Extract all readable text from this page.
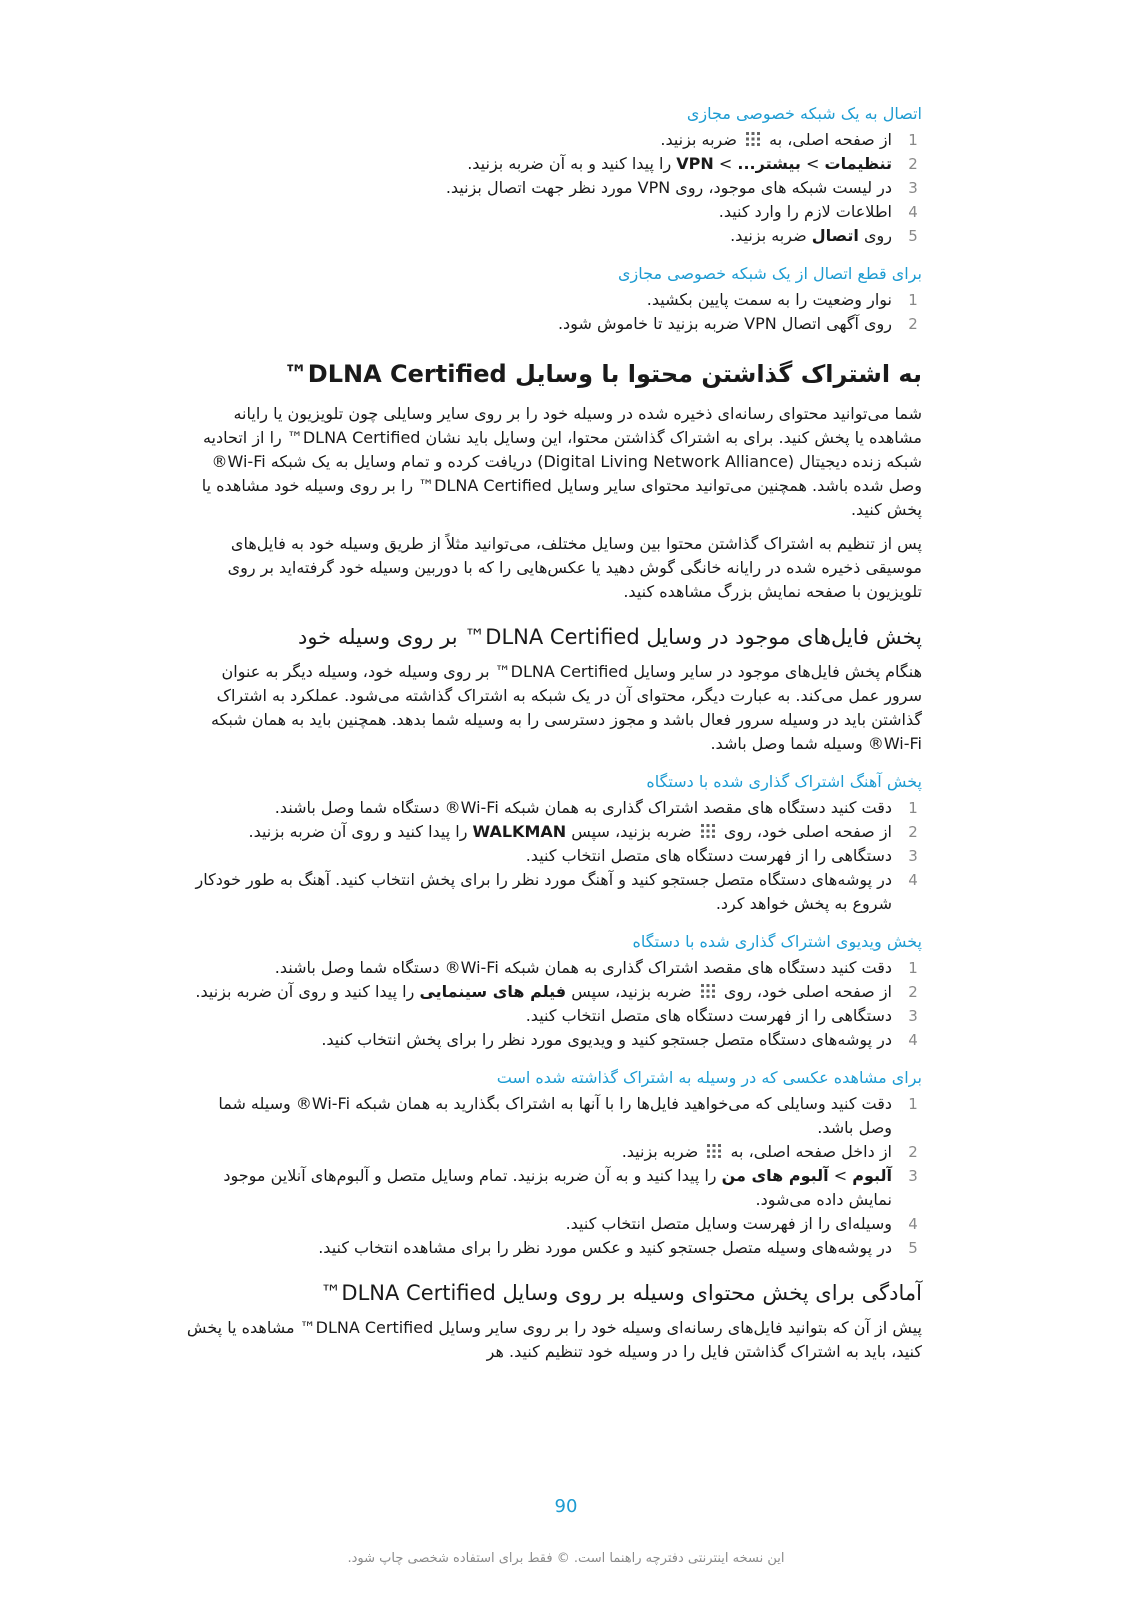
اتصال به یک شبکه خصوصی مجازی
1
از صفحه اصلی، به  ضربه بزنید.
2
تنظیمات > بیشتر... > VPN را پیدا کنید و به آن ضربه بزنید.
3
در لیست شبکه های موجود، روی VPN مورد نظر جهت اتصال بزنید.
4
اطلاعات لازم را وارد کنید.
5
روی اتصال ضربه بزنید.
برای قطع اتصال از یک شبکه خصوصی مجازی
1
نوار وضعیت را به سمت پایین بکشید.
2
روی آگهی اتصال VPN ضربه بزنید تا خاموش شود.
به اشتراک گذاشتن محتوا با وسایل DLNA Certified™

شما می‌توانید محتوای رسانه‌ای ذخیره شده در وسیله خود را بر روی سایر وسایلی چون تلویزیون یا رایانه مشاهده یا پخش کنید. برای به اشتراک گذاشتن محتوا، این وسایل باید نشان DLNA Certified™ را از اتحادیه شبکه زنده دیجیتال (Digital Living Network Alliance) دریافت کرده و تمام وسایل به یک شبکه Wi-Fi® وصل شده باشد. همچنین می‌توانید محتوای سایر وسایل DLNA Certified™ را بر روی وسیله خود مشاهده یا پخش کنید.

پس از تنظیم به اشتراک گذاشتن محتوا بین وسایل مختلف، می‌توانید مثلاً از طریق وسیله خود به فایل‌های موسیقی ذخیره شده در رایانه خانگی گوش دهید یا عکس‌هایی را که با دوربین وسیله خود گرفته‌اید بر روی تلویزیون با صفحه نمایش بزرگ مشاهده کنید.

پخش فایل‌های موجود در وسایل DLNA Certified™ بر روی وسیله خود

هنگام پخش فایل‌های موجود در سایر وسایل DLNA Certified™ بر روی وسیله خود، وسیله دیگر به عنوان سرور عمل می‌کند. به عبارت دیگر، محتوای آن در یک شبکه به اشتراک گذاشته می‌شود. عملکرد به اشتراک گذاشتن باید در وسیله سرور فعال باشد و مجوز دسترسی را به وسیله شما بدهد. همچنین باید به همان شبکه Wi-Fi® وسیله شما وصل باشد.

پخش آهنگ اشتراک گذاری شده با دستگاه
1
دقت کنید دستگاه های مقصد اشتراک گذاری به همان شبکه Wi-Fi® دستگاه شما وصل باشند.
2
از صفحه اصلی خود، روی  ضربه بزنید، سپس WALKMAN را پیدا کنید و روی آن ضربه بزنید.
3
دستگاهی را از فهرست دستگاه های متصل انتخاب کنید.
4
در پوشه‌های دستگاه متصل جستجو کنید و آهنگ مورد نظر را برای پخش انتخاب کنید. آهنگ به طور خودکار شروع به پخش خواهد کرد.
پخش ویدیوی اشتراک گذاری شده با دستگاه
1
دقت کنید دستگاه های مقصد اشتراک گذاری به همان شبکه Wi-Fi® دستگاه شما وصل باشند.
2
از صفحه اصلی خود، روی  ضربه بزنید، سپس فیلم های سینمایی را پیدا کنید و روی آن ضربه بزنید.
3
دستگاهی را از فهرست دستگاه های متصل انتخاب کنید.
4
در پوشه‌های دستگاه متصل جستجو کنید و ویدیوی مورد نظر را برای پخش انتخاب کنید.
برای مشاهده عکسی که در وسیله به اشتراک گذاشته شده است
1
دقت کنید وسایلی که می‌خواهید فایل‌ها را با آنها به اشتراک بگذارید به همان شبکه Wi-Fi® وسیله شما وصل باشد.
2
از داخل صفحه اصلی، به  ضربه بزنید.
3
آلبوم > آلبوم های من را پیدا کنید و به آن ضربه بزنید. تمام وسایل متصل و آلبوم‌های آنلاین موجود نمایش داده می‌شود.
4
وسیله‌ای را از فهرست وسایل متصل انتخاب کنید.
5
در پوشه‌های وسیله متصل جستجو کنید و عکس مورد نظر را برای مشاهده انتخاب کنید.
آمادگی برای پخش محتوای وسیله بر روی وسایل DLNA Certified™

پیش از آن که بتوانید فایل‌های رسانه‌ای وسیله خود را بر روی سایر وسایل DLNA Certified™ مشاهده یا پخش کنید، باید به اشتراک گذاشتن فایل را در وسیله خود تنظیم کنید. هر

90
این نسخه اینترنتی دفترچه راهنما است. © فقط برای استفاده شخصی چاپ شود.
